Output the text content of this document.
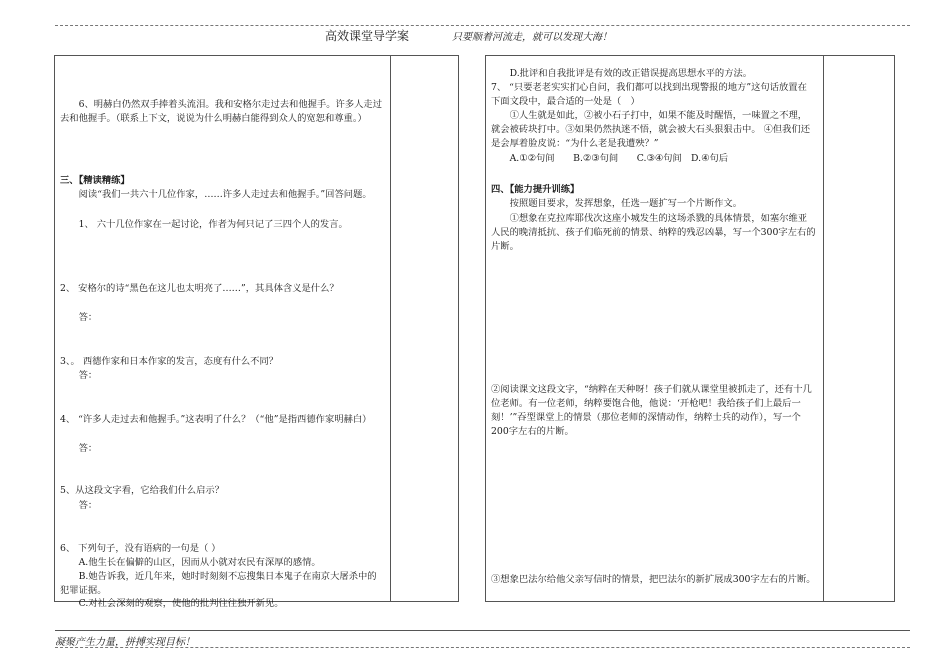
高效课堂导学案	只要顺着河流走，就可以发现大海！

6、明赫白仍然双手捧着头流泪。我和安格尔走过去和他握手。许多人走过去和他握手。（联系上下文，说说为什么明赫白能得到众人的宽恕和尊重。）

三、【精读精练】

阅读“我们一共六十几位作家，……许多人走过去和他握手。”回答问题。

1、 六十几位作家在一起讨论，作者为何只记了三四个人的发言。

2、 安格尔的诗“黑色在这儿也太明亮了……”，其具体含义是什么？

答：

3、。 西德作家和日本作家的发言，态度有什么不同？

答：

4、 “许多人走过去和他握手。”这表明了什么？（“他”是指西德作家明赫白）

答：

5、从这段文字看，它给我们什么启示？

答：

6、 下列句子，没有语病的一句是（ ）

A.他生长在偏僻的山区，因而从小就对农民有深厚的感情。

B.她告诉我，近几年来，她时时刻刻不忘搜集日本鬼子在南京大屠杀中的犯罪证据。

C.对社会深刻的观察，使他的批判往往独开新见。

D.批评和自我批评是有效的改正错误提高思想水平的方法。

7、 “只要老老实实扪心自问，我们都可以找到出现警报的地方”这句话放置在下面文段中，最合适的一处是（　）

①人生就是如此，②被小石子打中，如果不能及时醒悟，一味置之不理，就会被砖块打中。③如果仍然执迷不悟，就会被大石头狠狠击中。 ④但我们还是会厚着脸皮说：“为什么老是我遭殃？”

A.①②句间　　B.②③句间　　C.③④句间　D.④句后

四、【能力提升训练】

按照题目要求，发挥想象，任选一题扩写一个片断作文。

①想象在克拉库耶伐次这座小城发生的这场杀戮的具体情景，如塞尔维亚人民的晚清抵抗、孩子们临死前的情景、纳粹的残忍凶暴，写一个300字左右的片断。

②阅读课文这段文字，“纳粹在天种呀！孩子们就从课堂里被抓走了，还有十几位老师。有一位老师，纳粹要饱合他，他说：‘开枪吧！我给孩子们上最后一刻！’”吞型课堂上的情景（那位老师的深情动作，纳粹士兵的动作），写一个200字左右的片断。

③想象巴法尔给他父亲写信时的情景，把巴法尔的新扩展成300字左右的片断。

凝聚产生力量，拼搏实现目标！
